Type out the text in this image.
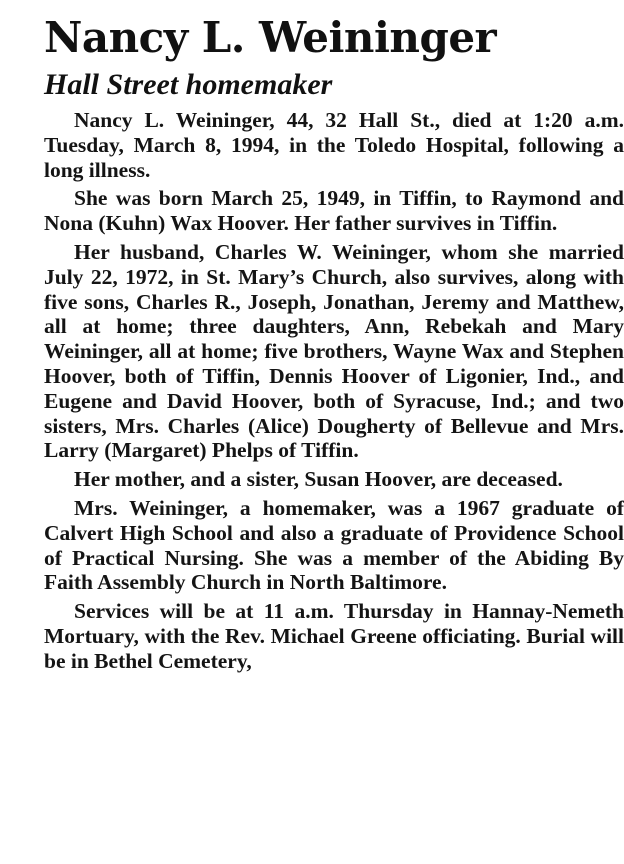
Nancy L. Weininger
Hall Street homemaker

Nancy L. Weininger, 44, 32 Hall St., died at 1:20 a.m. Tuesday, March 8, 1994, in the Toledo Hospital, following a long illness.

She was born March 25, 1949, in Tiffin, to Raymond and Nona (Kuhn) Wax Hoover. Her father survives in Tiffin.

Her husband, Charles W. Weininger, whom she married July 22, 1972, in St. Mary’s Church, also survives, along with five sons, Charles R., Joseph, Jonathan, Jeremy and Matthew, all at home; three daughters, Ann, Rebekah and Mary Weininger, all at home; five brothers, Wayne Wax and Stephen Hoover, both of Tiffin, Dennis Hoover of Ligonier, Ind., and Eugene and David Hoover, both of Syracuse, Ind.; and two sisters, Mrs. Charles (Alice) Dougherty of Bellevue and Mrs. Larry (Margaret) Phelps of Tiffin.

Her mother, and a sister, Susan Hoover, are deceased.

Mrs. Weininger, a homemaker, was a 1967 graduate of Calvert High School and also a graduate of Providence School of Practical Nursing. She was a member of the Abiding By Faith Assembly Church in North Baltimore.

Services will be at 11 a.m. Thursday in Hannay-Nemeth Mortuary, with the Rev. Michael Greene officiating. Burial will be in Bethel Cemetery,
